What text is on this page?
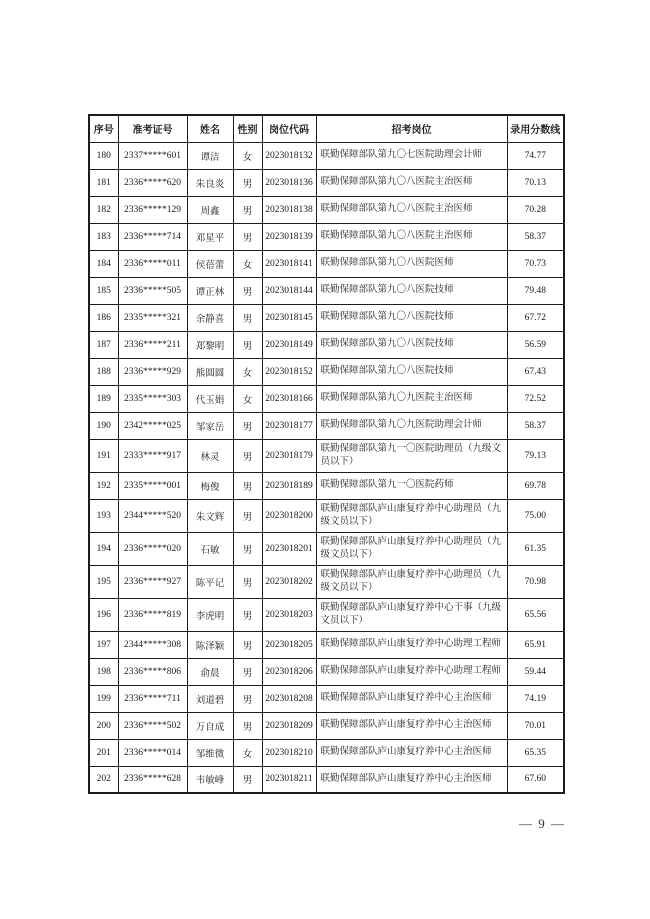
序号	准考证号	姓名	性别	岗位代码	招考岗位	录用分数线
180	2337*****601	谭洁	女	2023018132	联勤保障部队第九〇七医院助理会计师	74.77
181	2336*****620	朱良炎	男	2023018136	联勤保障部队第九〇八医院主治医师	70.13
182	2336*****129	周鑫	男	2023018138	联勤保障部队第九〇八医院主治医师	70.28
183	2336*****714	邓星平	男	2023018139	联勤保障部队第九〇八医院主治医师	58.37
184	2336*****011	侯蓓蕾	女	2023018141	联勤保障部队第九〇八医院医师	70.73
185	2336*****505	谭正林	男	2023018144	联勤保障部队第九〇八医院技师	79.48
186	2335*****321	余静喜	男	2023018145	联勤保障部队第九〇八医院技师	67.72
187	2336*****211	郑黎明	男	2023018149	联勤保障部队第九〇八医院技师	56.59
188	2336*****929	熊圆圆	女	2023018152	联勤保障部队第九〇八医院技师	67.43
189	2335*****303	代玉娟	女	2023018166	联勤保障部队第九〇九医院主治医师	72.52
190	2342*****025	邹家岳	男	2023018177	联勤保障部队第九〇九医院助理会计师	58.37
191	2333*****917	林灵	男	2023018179	联勤保障部队第九一〇医院助理员（九级文员以下）	79.13
192	2335*****001	梅俊	男	2023018189	联勤保障部队第九一〇医院药师	69.78
193	2344*****520	朱文辉	男	2023018200	联勤保障部队庐山康复疗养中心助理员（九级文员以下）	75.00
194	2336*****020	石敏	男	2023018201	联勤保障部队庐山康复疗养中心助理员（九级文员以下）	61.35
195	2336*****927	陈平记	男	2023018202	联勤保障部队庐山康复疗养中心助理员（九级文员以下）	70.98
196	2336*****819	李虎明	男	2023018203	联勤保障部队庐山康复疗养中心干事（九级文员以下）	65.56
197	2344*****308	陈泽颖	男	2023018205	联勤保障部队庐山康复疗养中心助理工程师	65.91
198	2336*****806	俞晨	男	2023018206	联勤保障部队庐山康复疗养中心助理工程师	59.44
199	2336*****711	刘道碧	男	2023018208	联勤保障部队庐山康复疗养中心主治医师	74.19
200	2336*****502	万自成	男	2023018209	联勤保障部队庐山康复疗养中心主治医师	70.01
201	2336*****014	邹维微	女	2023018210	联勤保障部队庐山康复疗养中心主治医师	65.35
202	2336*****628	韦敏峰	男	2023018211	联勤保障部队庐山康复疗养中心主治医师	67.60
— 9 —
